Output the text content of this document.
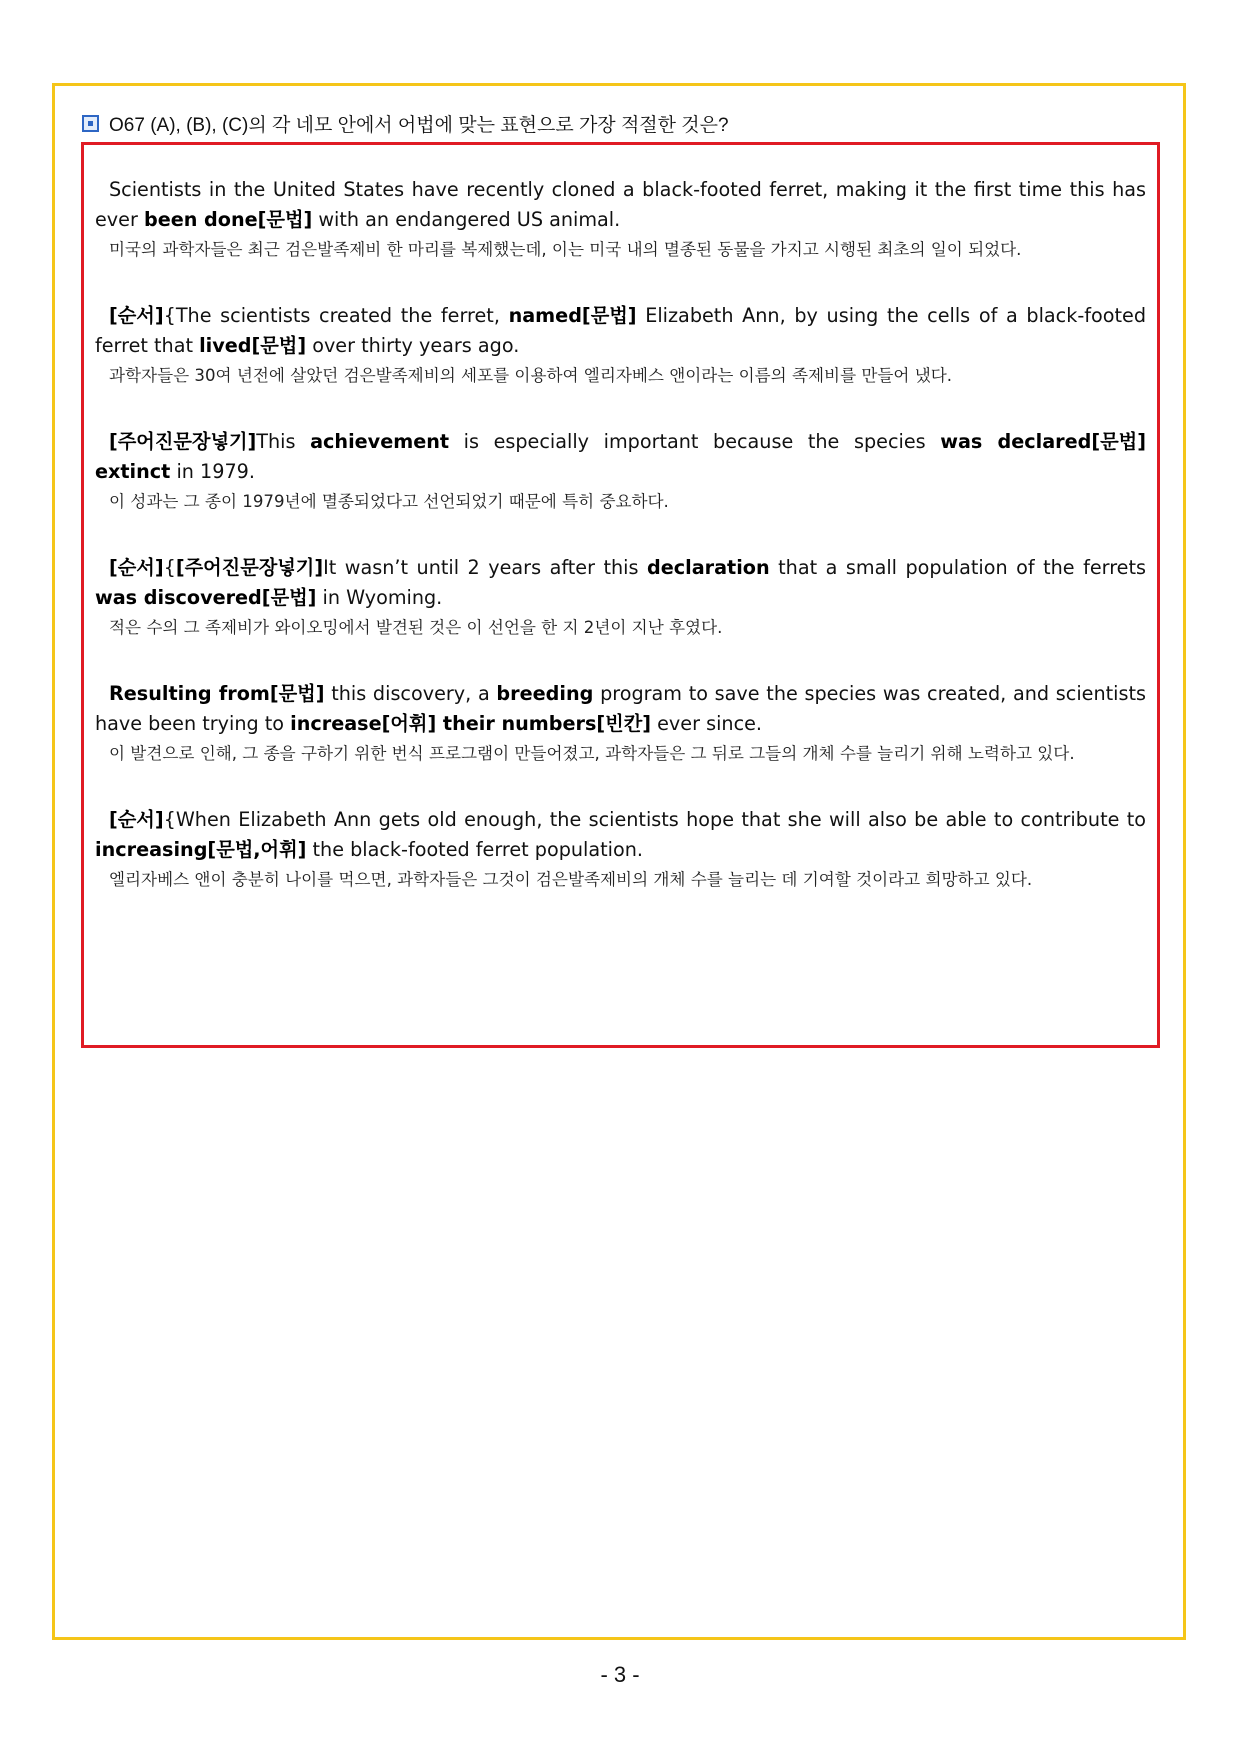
O67 (A), (B), (C)의 각 네모 안에서 어법에 맞는 표현으로 가장 적절한 것은?

Scientists in the United States have recently cloned a black-footed ferret, making it the first time this has ever been done[문법] with an endangered US animal.

미국의 과학자들은 최근 검은발족제비 한 마리를 복제했는데, 이는 미국 내의 멸종된 동물을 가지고 시행된 최초의 일이 되었다.

[순서]{The scientists created the ferret, named[문법] Elizabeth Ann, by using the cells of a black-footed ferret that lived[문법] over thirty years ago.

과학자들은 30여 년전에 살았던 검은발족제비의 세포를 이용하여 엘리자베스 앤이라는 이름의 족제비를 만들어 냈다.

[주어진문장넣기]This achievement is especially important because the species was declared[문법] extinct in 1979.

이 성과는 그 종이 1979년에 멸종되었다고 선언되었기 때문에 특히 중요하다.

[순서]{[주어진문장넣기]It wasn’t until 2 years after this declaration that a small population of the ferrets was discovered[문법] in Wyoming.

적은 수의 그 족제비가 와이오밍에서 발견된 것은 이 선언을 한 지 2년이 지난 후였다.

Resulting from[문법] this discovery, a breeding program to save the species was created, and scientists have been trying to increase[어휘] their numbers[빈칸] ever since.

이 발견으로 인해, 그 종을 구하기 위한 번식 프로그램이 만들어졌고, 과학자들은 그 뒤로 그들의 개체 수를 늘리기 위해 노력하고 있다.

[순서]{When Elizabeth Ann gets old enough, the scientists hope that she will also be able to contribute to increasing[문법,어휘] the black-footed ferret population.

엘리자베스 앤이 충분히 나이를 먹으면, 과학자들은 그것이 검은발족제비의 개체 수를 늘리는 데 기여할 것이라고 희망하고 있다.

- 3 -
